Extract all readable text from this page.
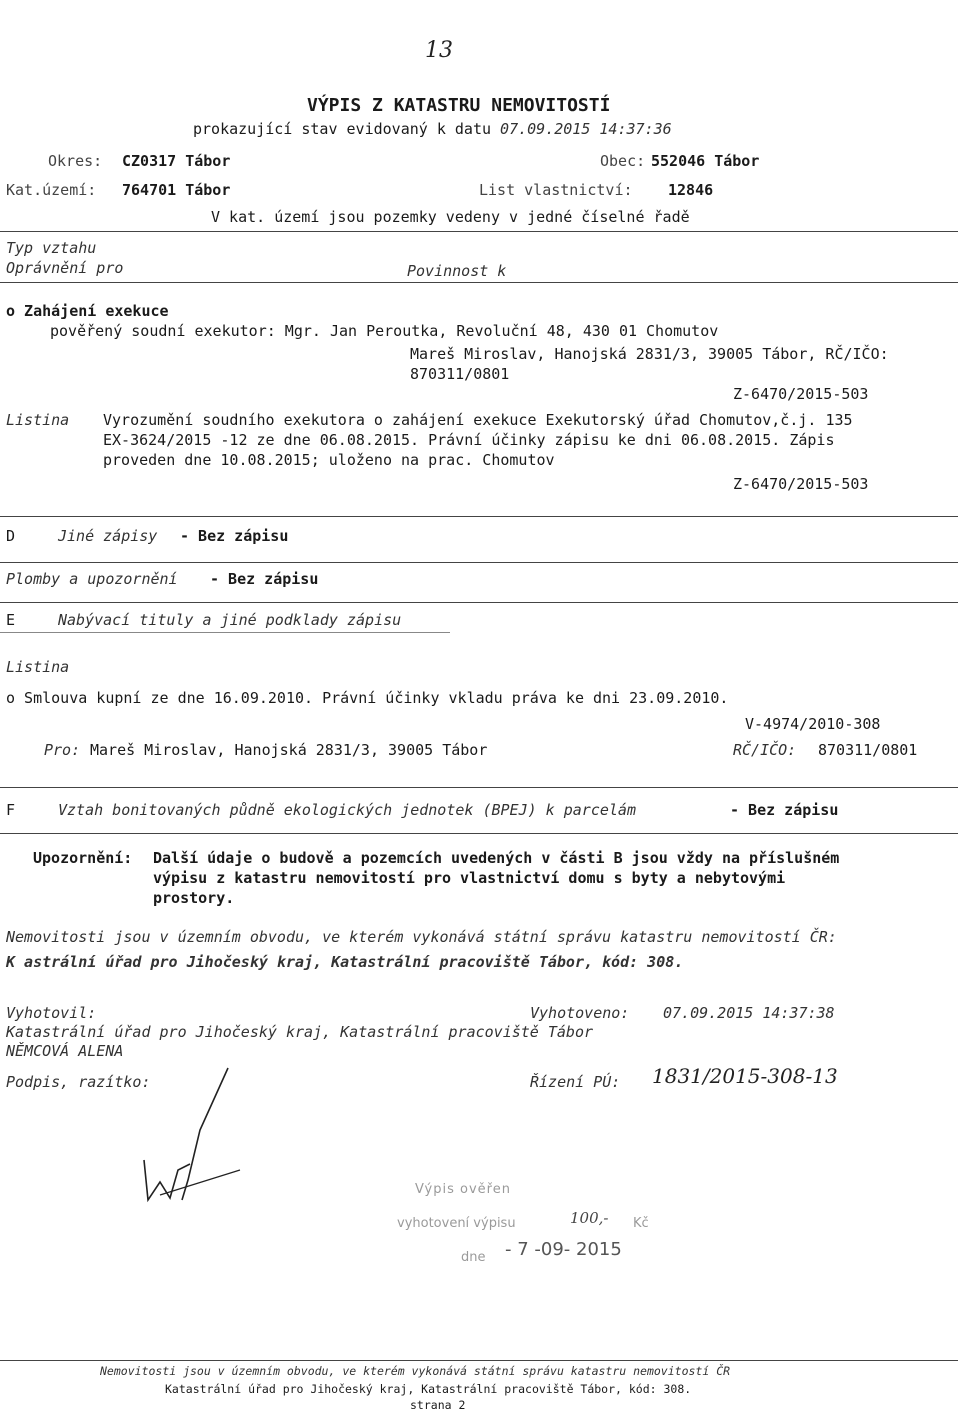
13
VÝPIS Z KATASTRU NEMOVITOSTÍ
prokazující stav evidovaný k datu 07.09.2015 14:37:36
Okres: CZ0317 Tábor	Obec: 552046 Tábor
Kat.území: 764701 Tábor	List vlastnictví: 12846
V kat. území jsou pozemky vedeny v jedné číselné řadě
Typ vztahu
Oprávnění pro	Povinnost k
o Zahájení exekuce
pověřený soudní exekutor: Mgr. Jan Peroutka, Revoluční 48, 430 01 Chomutov
Mareš Miroslav, Hanojská 2831/3, 39005 Tábor, RČ/IČO:
870311/0801
Z-6470/2015-503
Listina Vyrozumění soudního exekutora o zahájení exekuce Exekutorský úřad Chomutov,č.j. 135
EX-3624/2015 -12 ze dne 06.08.2015. Právní účinky zápisu ke dni 06.08.2015. Zápis
proveden dne 10.08.2015; uloženo na prac. Chomutov
Z-6470/2015-503
D	Jiné zápisy - Bez zápisu
Plomby a upozornění - Bez zápisu
E	Nabývací tituly a jiné podklady zápisu
Listina
o Smlouva kupní ze dne 16.09.2010. Právní účinky vkladu práva ke dni 23.09.2010.
V-4974/2010-308
Pro: Mareš Miroslav, Hanojská 2831/3, 39005 Tábor	RČ/IČO: 870311/0801
F	Vztah bonitovaných půdně ekologických jednotek (BPEJ) k parcelám	- Bez zápisu
Upozornění: Další údaje o budově a pozemcích uvedených v části B jsou vždy na příslušném
výpisu z katastru nemovitostí pro vlastnictví domu s byty a nebytovými
prostory.
Nemovitosti jsou v územním obvodu, ve kterém vykonává státní správu katastru nemovitostí ČR:
K astrální úřad pro Jihočeský kraj, Katastrální pracoviště Tábor, kód: 308.
Vyhotovil:	Vyhotoveno: 07.09.2015 14:37:38
Katastrální úřad pro Jihočeský kraj, Katastrální pracoviště Tábor
NĚMCOVÁ ALENA
Podpis, razítko:	Řízení PÚ: 1831/2015-308-13
Výpis ověřen
vyhotovení výpisu	100,- Kč
dne - 7 -09- 2015
Nemovitosti jsou v územním obvodu, ve kterém vykonává státní správu katastru nemovitostí ČR
Katastrální úřad pro Jihočeský kraj, Katastrální pracoviště Tábor, kód: 308.
strana 2
